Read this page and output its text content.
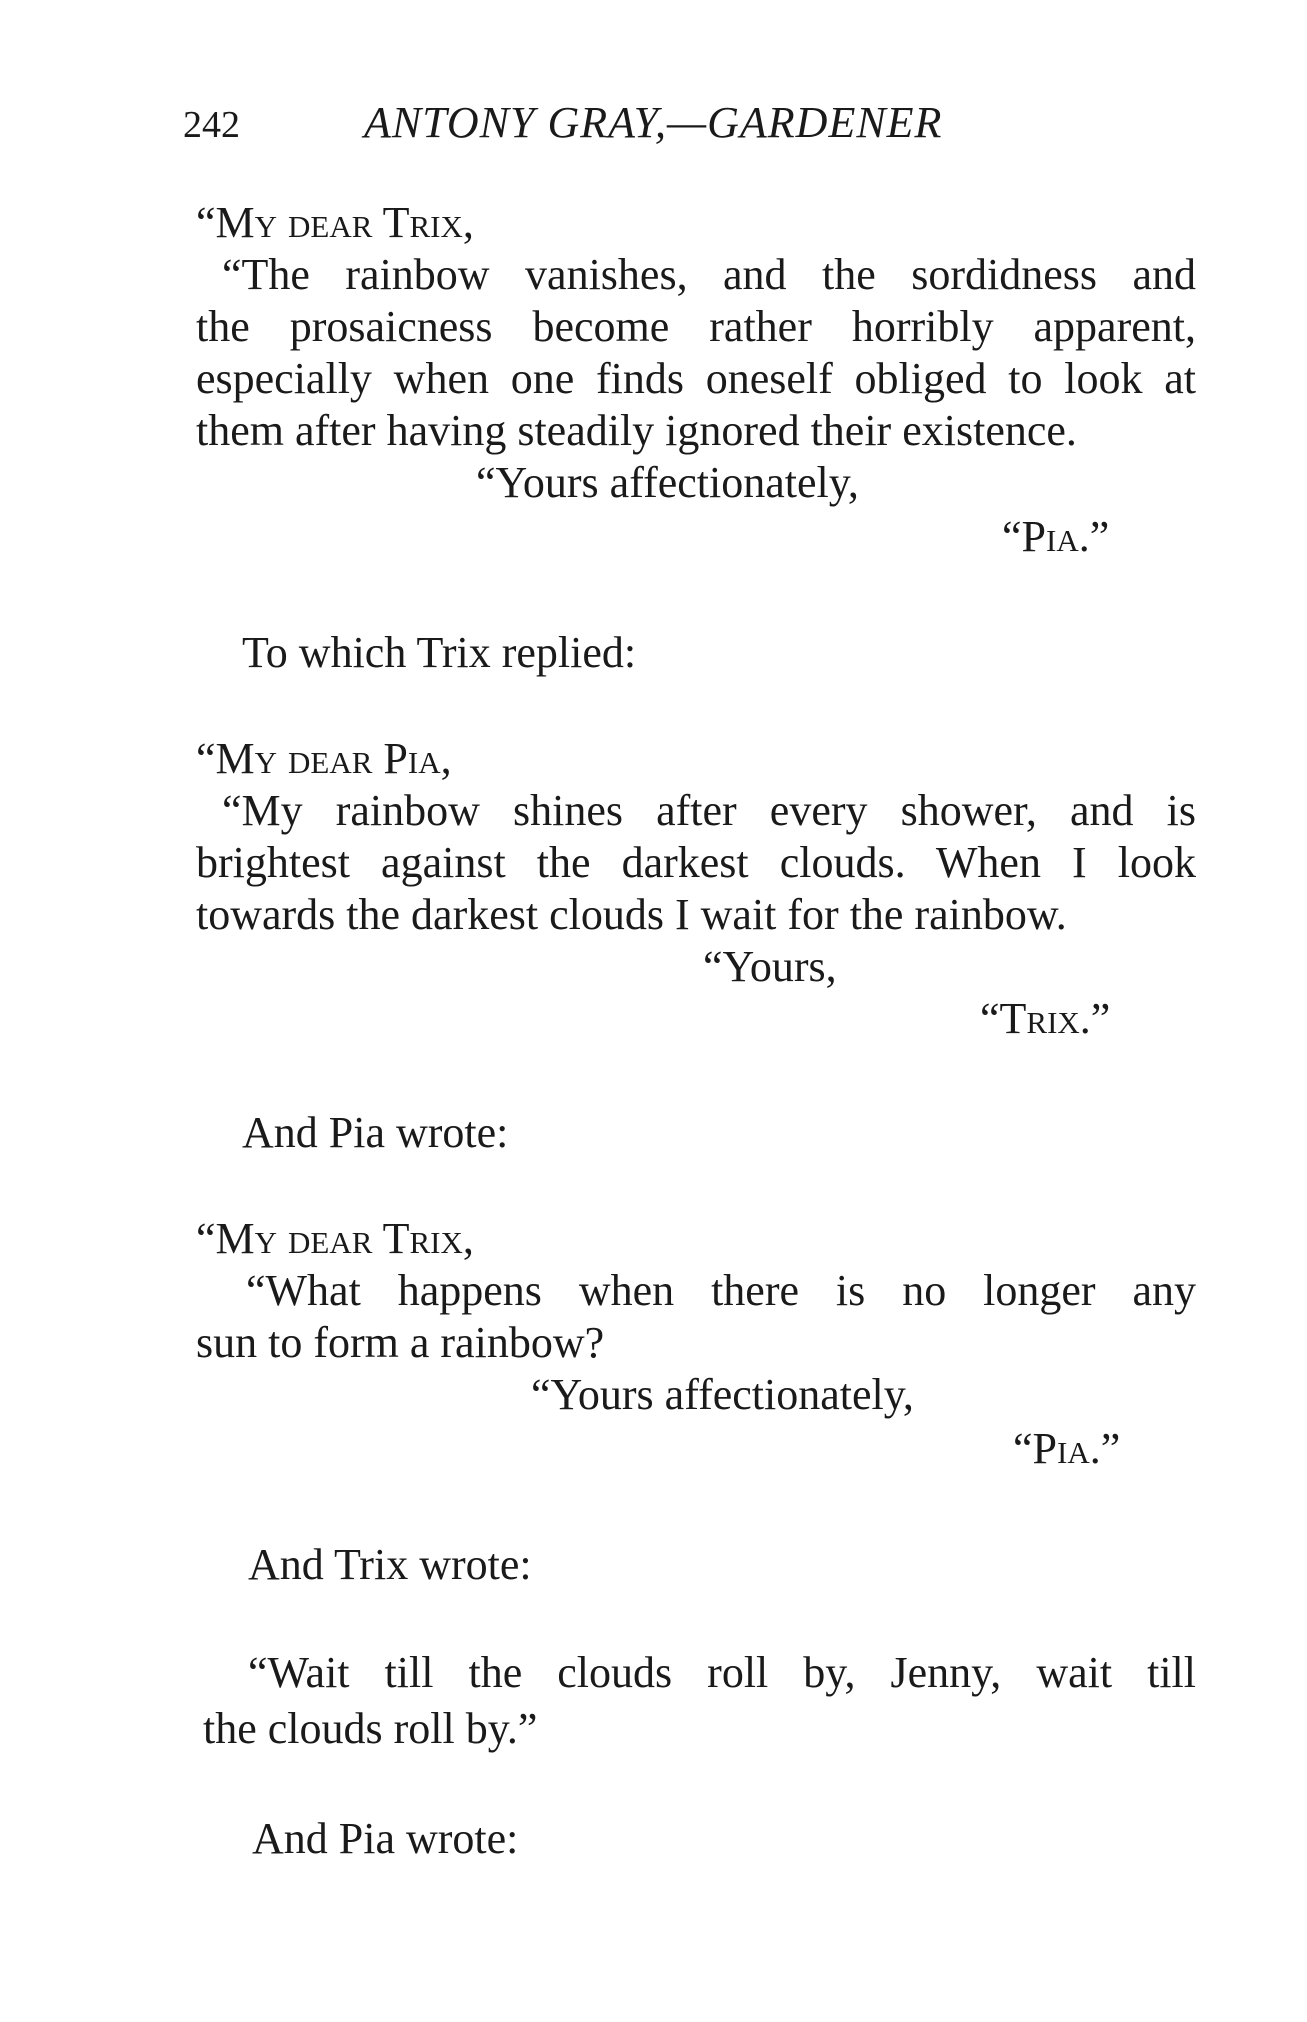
242	ANTONY GRAY,—GARDENER
“My dear Trix,
“The rainbow vanishes, and the sordidness and
the prosaicness become rather horribly apparent,
especially when one finds oneself obliged to look at
them after having steadily ignored their existence.
“Yours affectionately,
“Pia.”
To which Trix replied:
“My dear Pia,
“My rainbow shines after every shower, and is
brightest against the darkest clouds. When I look
towards the darkest clouds I wait for the rainbow.
“Yours,
“Trix.”
And Pia wrote:
“My dear Trix,
“What happens when there is no longer any
sun to form a rainbow?
“Yours affectionately,
“Pia.”
And Trix wrote:
“Wait till the clouds roll by, Jenny, wait till
the clouds roll by.”
And Pia wrote:
